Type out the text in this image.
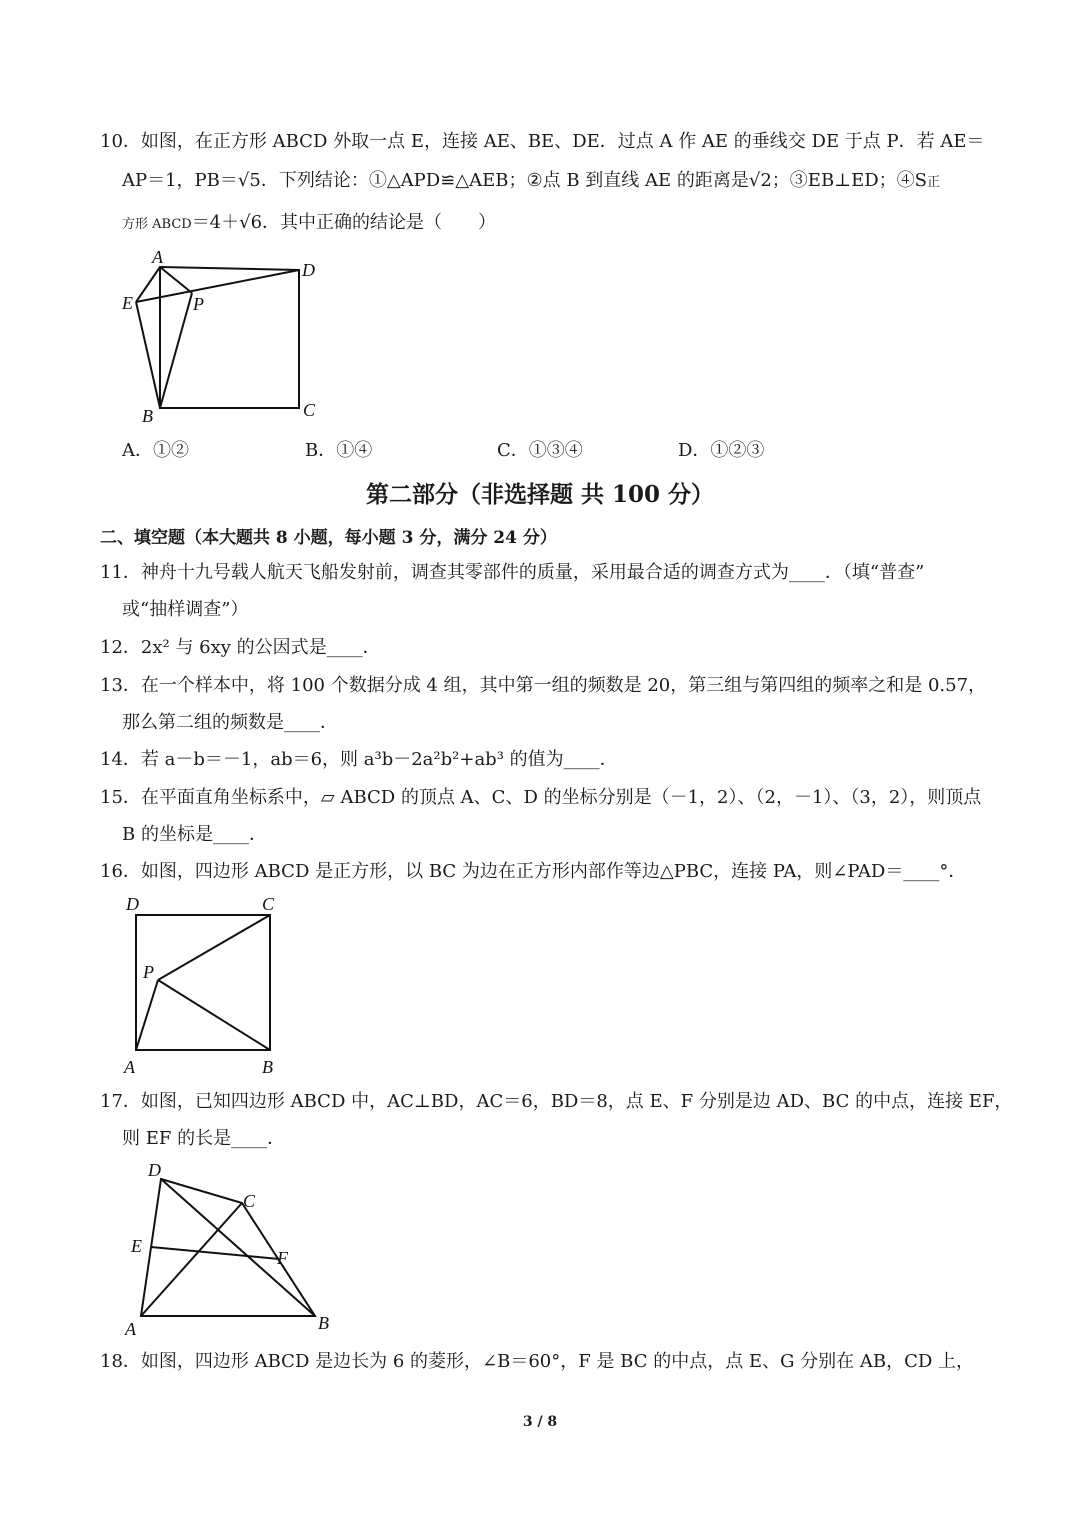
10．如图，在正方形 ABCD 外取一点 E，连接 AE、BE、DE．过点 A 作 AE 的垂线交 DE 于点 P．若 AE＝
AP＝1，PB＝√5．下列结论：①△APD≌△AEB；②点 B 到直线 AE 的距离是√2；③EB⊥ED；④S正
方形 ABCD＝4＋√6．其中正确的结论是（　　）
A
D
E	P
B	C
A．①②	B．①④	C．①③④	D．①②③
第二部分（非选择题 共 100 分）
二、填空题（本大题共 8 小题，每小题 3 分，满分 24 分）
11．神舟十九号载人航天飞船发射前，调查其零部件的质量，采用最合适的调查方式为____．（填“普查”
或“抽样调查”）
12．2x² 与 6xy 的公因式是____．
13．在一个样本中，将 100 个数据分成 4 组，其中第一组的频数是 20，第三组与第四组的频率之和是 0.57，
那么第二组的频数是____．
14．若 a－b＝－1，ab＝6，则 a³b－2a²b²+ab³ 的值为____．
15．在平面直角坐标系中，▱ ABCD 的顶点 A、C、D 的坐标分别是（－1，2）、（2，－1）、（3，2），则顶点
B 的坐标是____．
16．如图，四边形 ABCD 是正方形，以 BC 为边在正方形内部作等边△PBC，连接 PA，则∠PAD＝____°．
D	C
P
A	B
17．如图，已知四边形 ABCD 中，AC⊥BD，AC＝6，BD＝8，点 E、F 分别是边 AD、BC 的中点，连接 EF，
则 EF 的长是____．
D
C
E
F
A	B
18．如图，四边形 ABCD 是边长为 6 的菱形，∠B＝60°，F 是 BC 的中点，点 E、G 分别在 AB，CD 上，
3 / 8
